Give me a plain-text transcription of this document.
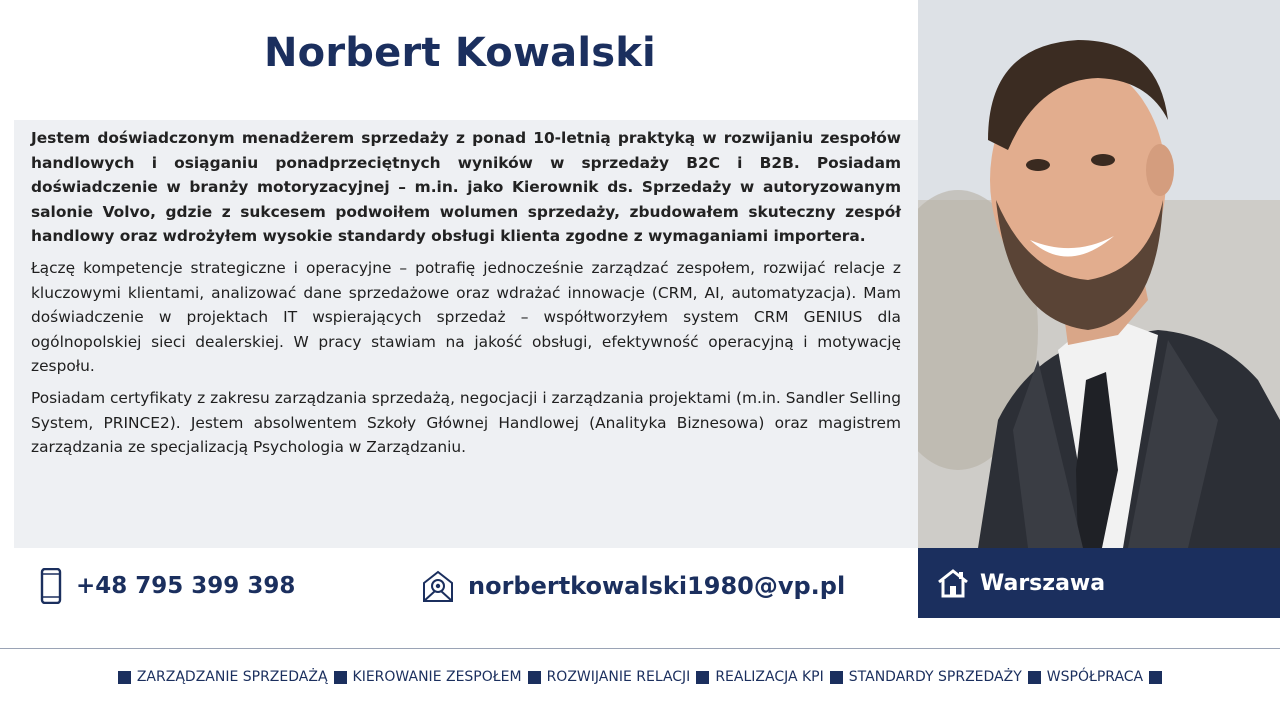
Norbert Kowalski

Jestem doświadczonym menadżerem sprzedaży z ponad 10-letnią praktyką w rozwijaniu zespołów handlowych i osiąganiu ponadprzeciętnych wyników w sprzedaży B2C i B2B. Posiadam doświadczenie w branży motoryzacyjnej – m.in. jako Kierownik ds. Sprzedaży w autoryzowanym salonie Volvo, gdzie z sukcesem podwoiłem wolumen sprzedaży, zbudowałem skuteczny zespół handlowy oraz wdrożyłem wysokie standardy obsługi klienta zgodne z wymaganiami importera.

Łączę kompetencje strategiczne i operacyjne – potrafię jednocześnie zarządzać zespołem, rozwijać relacje z kluczowymi klientami, analizować dane sprzedażowe oraz wdrażać innowacje (CRM, AI, automatyzacja). Mam doświadczenie w projektach IT wspierających sprzedaż – współtworzyłem system CRM GENIUS dla ogólnopolskiej sieci dealerskiej. W pracy stawiam na jakość obsługi, efektywność operacyjną i motywację zespołu.

Posiadam certyfikaty z zakresu zarządzania sprzedażą, negocjacji i zarządzania projektami (m.in. Sandler Selling System, PRINCE2). Jestem absolwentem Szkoły Głównej Handlowej (Analityka Biznesowa) oraz magistrem zarządzania ze specjalizacją Psychologia w Zarządzaniu.

+48 795 399 398	norbertkowalski1980@vp.pl	Warszawa
ZARZĄDZANIE SPRZEDAŻĄ KIEROWANIE ZESPOŁEM ROZWIJANIE RELACJI REALIZACJA KPI STANDARDY SPRZEDAŻY WSPÓŁPRACA
